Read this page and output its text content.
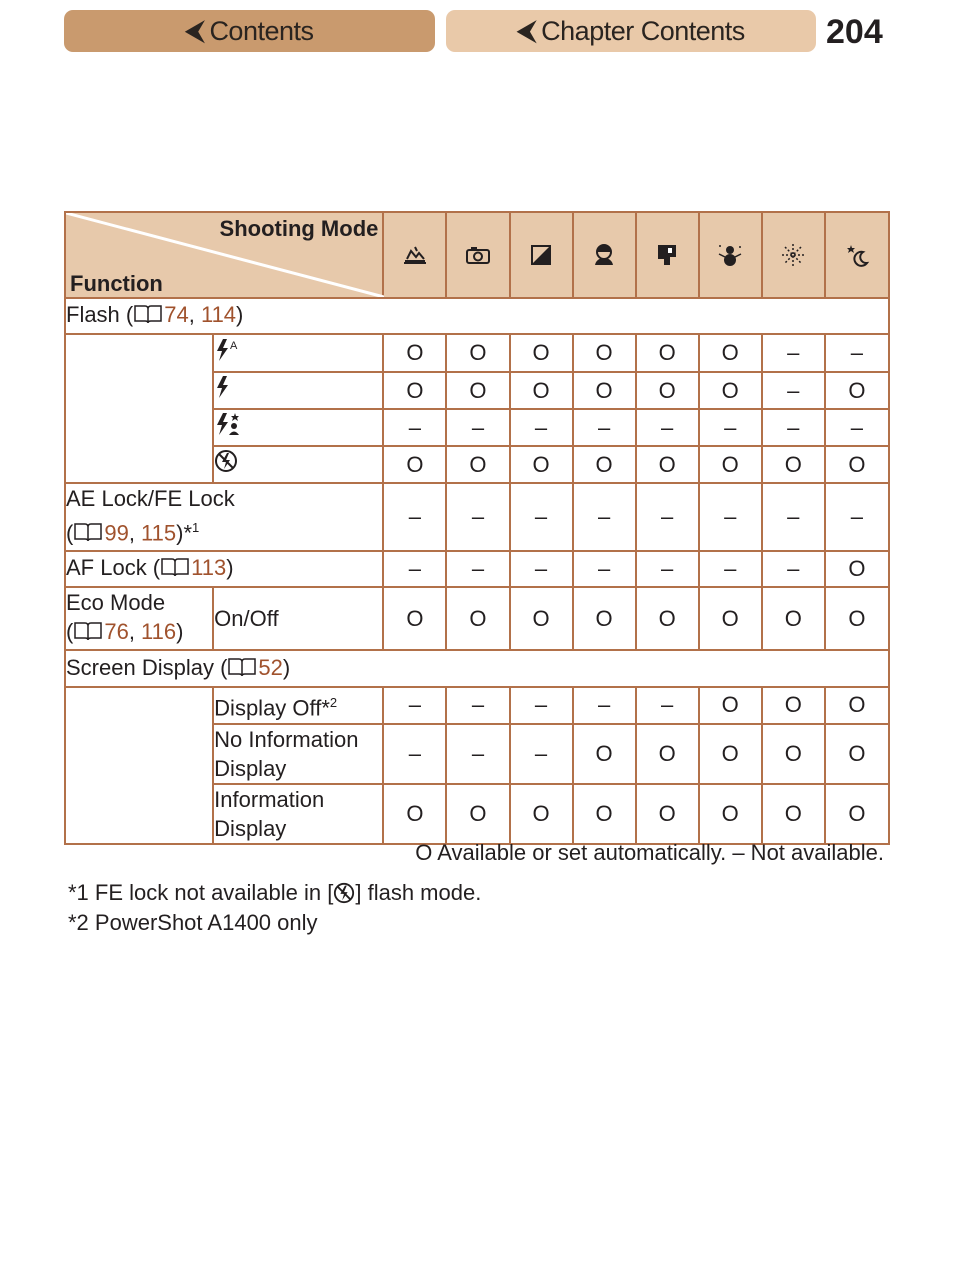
⮜ Contents	⮜ Chapter Contents 204
Shooting Mode
Function

Flash ( 74, 114)									

A	O	O	O	O	O	O	–	–
	O	O	O	O	O	O	–	O
	–	–	–	–	–	–	–	–
	O	O	O	O	O	O	O	O

AE Lock/FE Lock
( 99, 115)*$^1$		–	–	–	–	–	–	–	–
AF Lock ( 113)		–	–	–	–	–	–	–	O

Eco Mode
( 76, 116)	On/Off	O	O	O	O	O	O	O	O
Screen Display ( 52)									
	Display Off*$^2$	–	–	–	–	–	O	O	O
	No Information Display	–	–	–	O	O	O	O	O
	Information Display	O	O	O	O	O	O	O	O
O Available or set automatically. – Not available.
*1 FE lock not available in [ ] flash mode.
*2 PowerShot A1400 only
